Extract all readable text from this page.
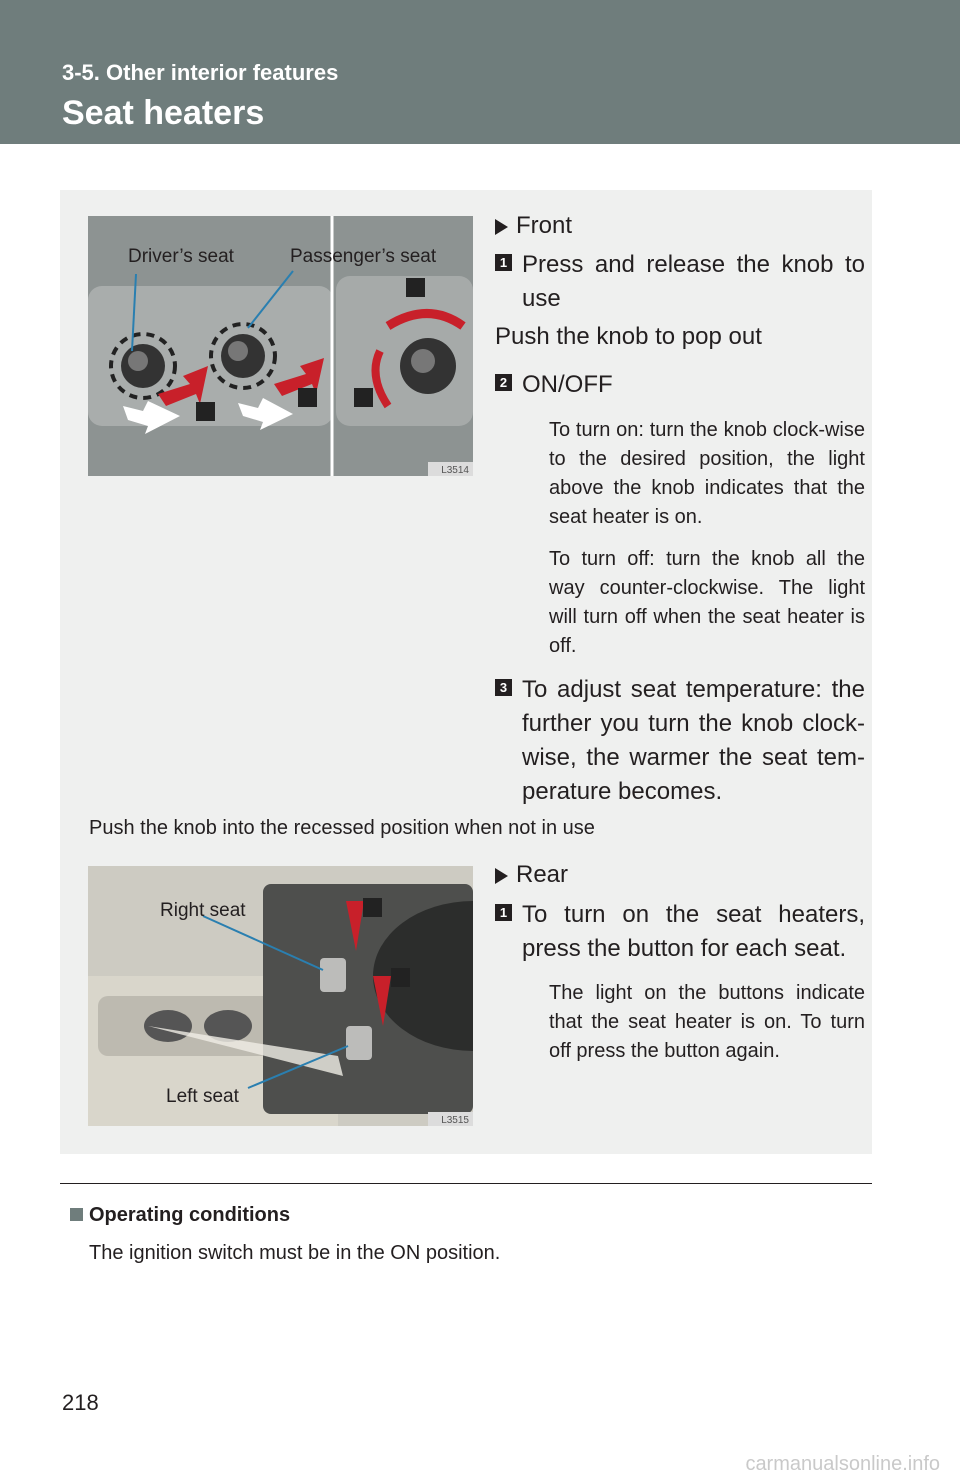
3-5. Other interior features
Seat heaters
Driver’s seat	Passenger’s seat
L3514
Front
1 Press and release the knob to use
Push the knob to pop out
2 ON/OFF
To turn on: turn the knob clock-wise to the desired position, the light above the knob indicates that the seat heater is on.
To turn off: turn the knob all the way counter-clockwise. The light will turn off when the seat heater is off.
3 To adjust seat temperature: the further you turn the knob clock-wise, the warmer the seat tem-perature becomes.
Push the knob into the recessed position when not in use
Right seat
Left seat
L3515
Rear
1 To turn on the seat heaters, press the button for each seat.
The light on the buttons indicate that the seat heater is on. To turn off press the button again.
Operating conditions
The ignition switch must be in the ON position.
218
carmanualsonline.info
